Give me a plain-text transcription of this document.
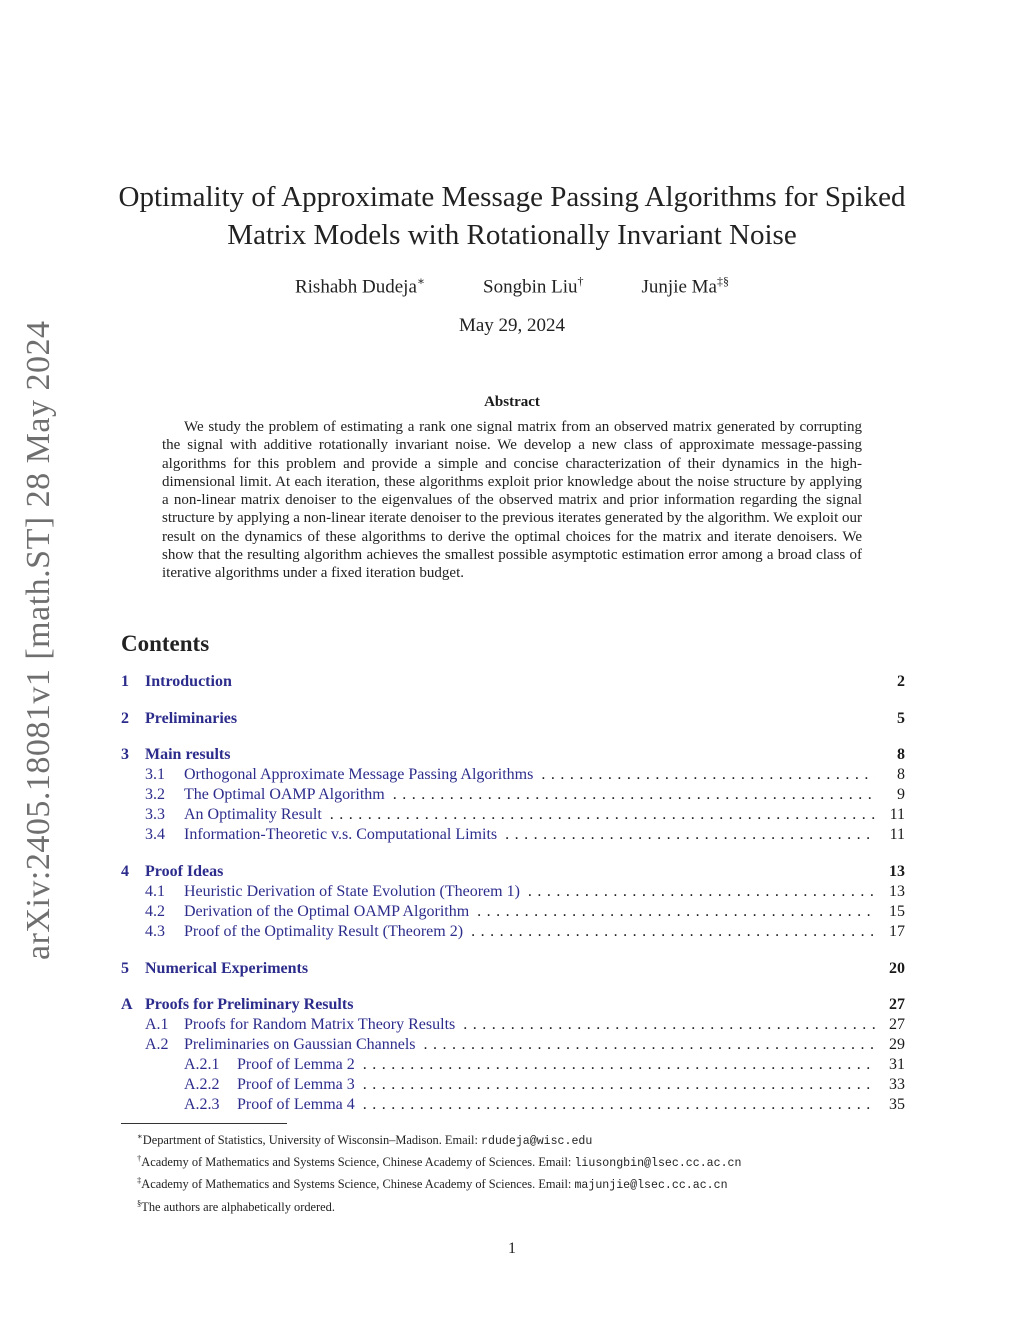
arXiv:2405.18081v1 [math.ST] 28 May 2024
Optimality of Approximate Message Passing Algorithms for Spiked
Matrix Models with Rotationally Invariant Noise
Rishabh Dudeja∗	Songbin Liu†	Junjie Ma‡§
May 29, 2024
Abstract
We study the problem of estimating a rank one signal matrix from an observed matrix generated by corrupting the signal with additive rotationally invariant noise. We develop a new class of approximate message-passing algorithms for this problem and provide a simple and concise characterization of their dynamics in the high-dimensional limit. At each iteration, these algorithms exploit prior knowledge about the noise structure by applying a non-linear matrix denoiser to the eigenvalues of the observed matrix and prior information regarding the signal structure by applying a non-linear iterate denoiser to the previous iterates generated by the algorithm. We exploit our result on the dynamics of these algorithms to derive the optimal choices for the matrix and iterate denoisers. We show that the resulting algorithm achieves the smallest possible asymptotic estimation error among a broad class of iterative algorithms under a fixed iteration budget.
Contents
1	Introduction	2
2	Preliminaries	5
3	Main results	8
3.1	Orthogonal Approximate Message Passing Algorithms . . .	8
3.2	The Optimal OAMP Algorithm . . .	9
3.3	An Optimality Result . . .	11
3.4	Information-Theoretic v.s. Computational Limits . . .	11
4	Proof Ideas	13
4.1	Heuristic Derivation of State Evolution (Theorem 1) . . .	13
4.2	Derivation of the Optimal OAMP Algorithm . . .	15
4.3	Proof of the Optimality Result (Theorem 2) . . .	17
5	Numerical Experiments	20
A Proofs for Preliminary Results	27
A.1 Proofs for Random Matrix Theory Results . . .	27
A.2 Preliminaries on Gaussian Channels . . .	29
A.2.1	Proof of Lemma 2 . . .	31
A.2.2	Proof of Lemma 3 . . .	33
A.2.3	Proof of Lemma 4 . . .	35
∗Department of Statistics, University of Wisconsin–Madison. Email: rdudeja@wisc.edu
†Academy of Mathematics and Systems Science, Chinese Academy of Sciences. Email: liusongbin@lsec.cc.ac.cn
‡Academy of Mathematics and Systems Science, Chinese Academy of Sciences. Email: majunjie@lsec.cc.ac.cn
§The authors are alphabetically ordered.
1
